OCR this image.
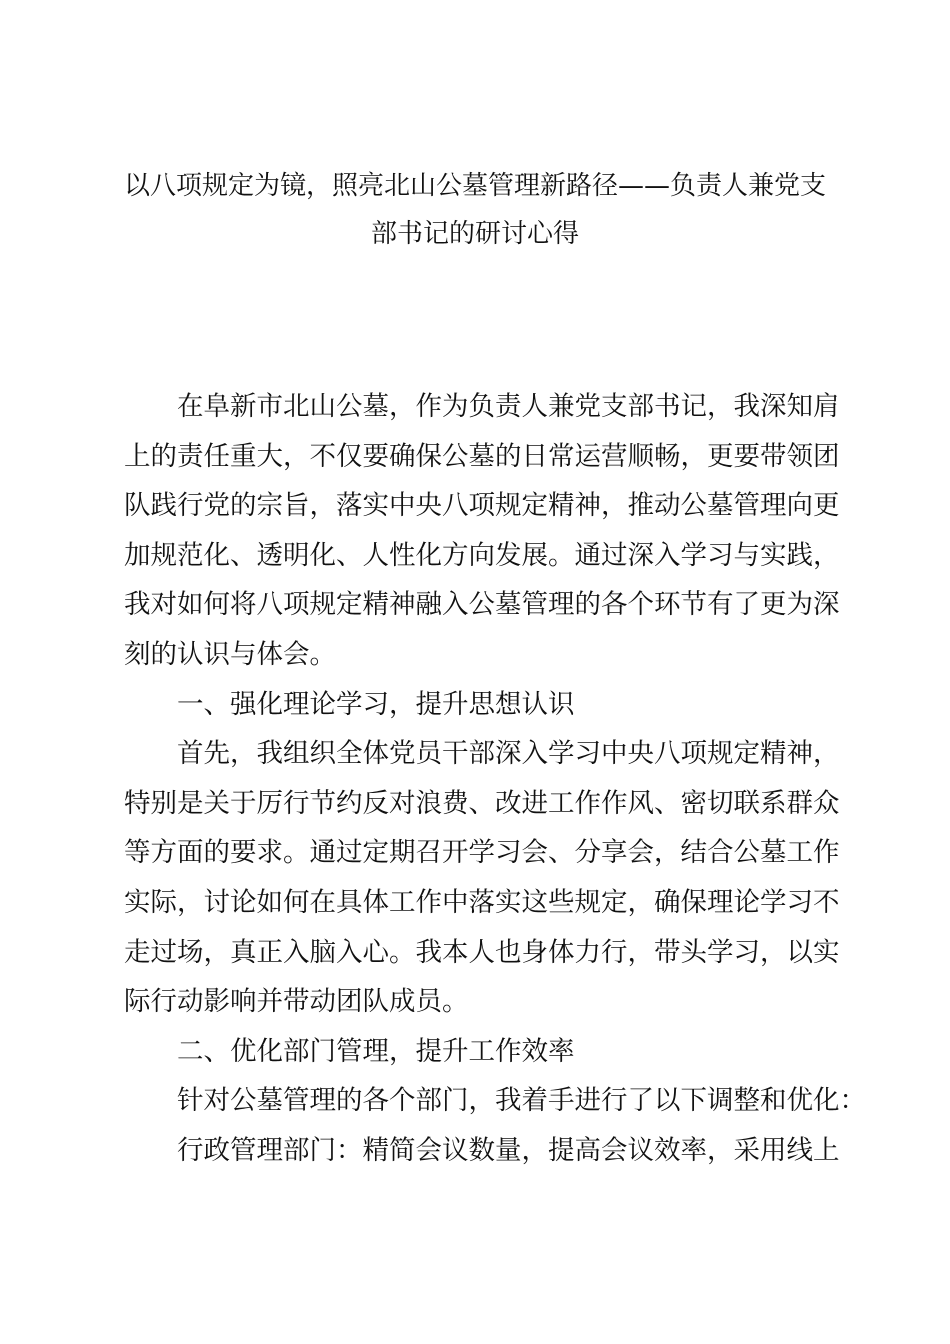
以八项规定为镜，照亮北山公墓管理新路径——负责人兼党支
部书记的研讨心得
在阜新市北山公墓，作为负责人兼党支部书记，我深知肩
上的责任重大，不仅要确保公墓的日常运营顺畅，更要带领团
队践行党的宗旨，落实中央八项规定精神，推动公墓管理向更
加规范化、透明化、人性化方向发展。通过深入学习与实践，
我对如何将八项规定精神融入公墓管理的各个环节有了更为深
刻的认识与体会。
一、强化理论学习，提升思想认识
首先，我组织全体党员干部深入学习中央八项规定精神，
特别是关于厉行节约反对浪费、改进工作作风、密切联系群众
等方面的要求。通过定期召开学习会、分享会，结合公墓工作
实际，讨论如何在具体工作中落实这些规定，确保理论学习不
走过场，真正入脑入心。我本人也身体力行，带头学习，以实
际行动影响并带动团队成员。
二、优化部门管理，提升工作效率
针对公墓管理的各个部门，我着手进行了以下调整和优化：
行政管理部门：精简会议数量，提高会议效率，采用线上
